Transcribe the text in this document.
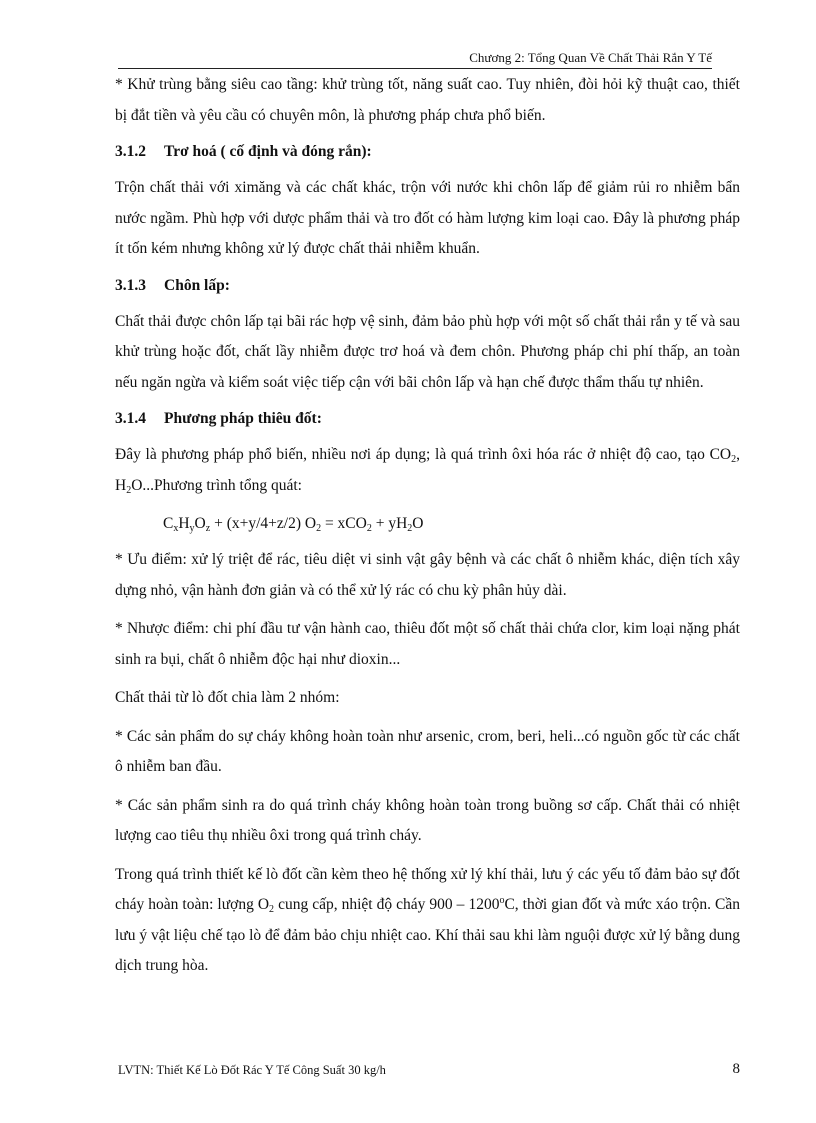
Chương 2: Tổng Quan Về Chất Thải Rắn Y Tế

* Khử trùng bằng siêu cao tầng: khử trùng tốt, năng suất cao. Tuy nhiên, đòi hỏi kỹ thuật cao, thiết bị đắt tiền và yêu cầu có chuyên môn, là phương pháp chưa phổ biến.

3.1.2 Trơ hoá ( cố định và đóng rắn):

Trộn chất thải với ximăng và các chất khác, trộn với nước khi chôn lấp để giảm rủi ro nhiễm bẩn nước ngầm. Phù hợp với dược phẩm thải và tro đốt có hàm lượng kim loại cao. Đây là phương pháp ít tốn kém nhưng không xử lý được chất thải nhiễm khuẩn.

3.1.3 Chôn lấp:

Chất thải được chôn lấp tại bãi rác hợp vệ sinh, đảm bảo phù hợp với một số chất thải rắn y tế và sau khử trùng hoặc đốt, chất lầy nhiễm được trơ hoá và đem chôn. Phương pháp chi phí thấp, an toàn nếu ngăn ngừa và kiểm soát việc tiếp cận với bãi chôn lấp và hạn chế được thẩm thấu tự nhiên.

3.1.4 Phương pháp thiêu đốt:

Đây là phương pháp phổ biến, nhiều nơi áp dụng; là quá trình ôxi hóa rác ở nhiệt độ cao, tạo $CO_2$, $H_2O...Phương$ trình tổng quát:

$C_xH_yO_z + (x+y/4+z/2) O_2 = xCO_2 + yH_2O$

* Ưu điểm: xử lý triệt để rác, tiêu diệt vi sinh vật gây bệnh và các chất ô nhiễm khác, diện tích xây dựng nhỏ, vận hành đơn giản và có thể xử lý rác có chu kỳ phân hủy dài.

* Nhược điểm: chi phí đầu tư vận hành cao, thiêu đốt một số chất thải chứa clor, kim loại nặng phát sinh ra bụi, chất ô nhiễm độc hại như dioxin...

Chất thải từ lò đốt chia làm 2 nhóm:

* Các sản phẩm do sự cháy không hoàn toàn như arsenic, crom, beri, heli...có nguồn gốc từ các chất ô nhiễm ban đầu.

* Các sản phẩm sinh ra do quá trình cháy không hoàn toàn trong buồng sơ cấp. Chất thải có nhiệt lượng cao tiêu thụ nhiều ôxi trong quá trình cháy.

Trong quá trình thiết kế lò đốt cần kèm theo hệ thống xử lý khí thải, lưu ý các yếu tố đảm bảo sự đốt cháy hoàn toàn: lượng $O_2$ cung cấp, nhiệt độ cháy 900 – 1200$^o$C, thời gian đốt và mức xáo trộn. Cần lưu ý vật liệu chế tạo lò để đảm bảo chịu nhiệt cao. Khí thải sau khi làm nguội được xử lý bằng dung dịch trung hòa.

LVTN: Thiết Kế Lò Đốt Rác Y Tế Công Suất 30 kg/h	8
